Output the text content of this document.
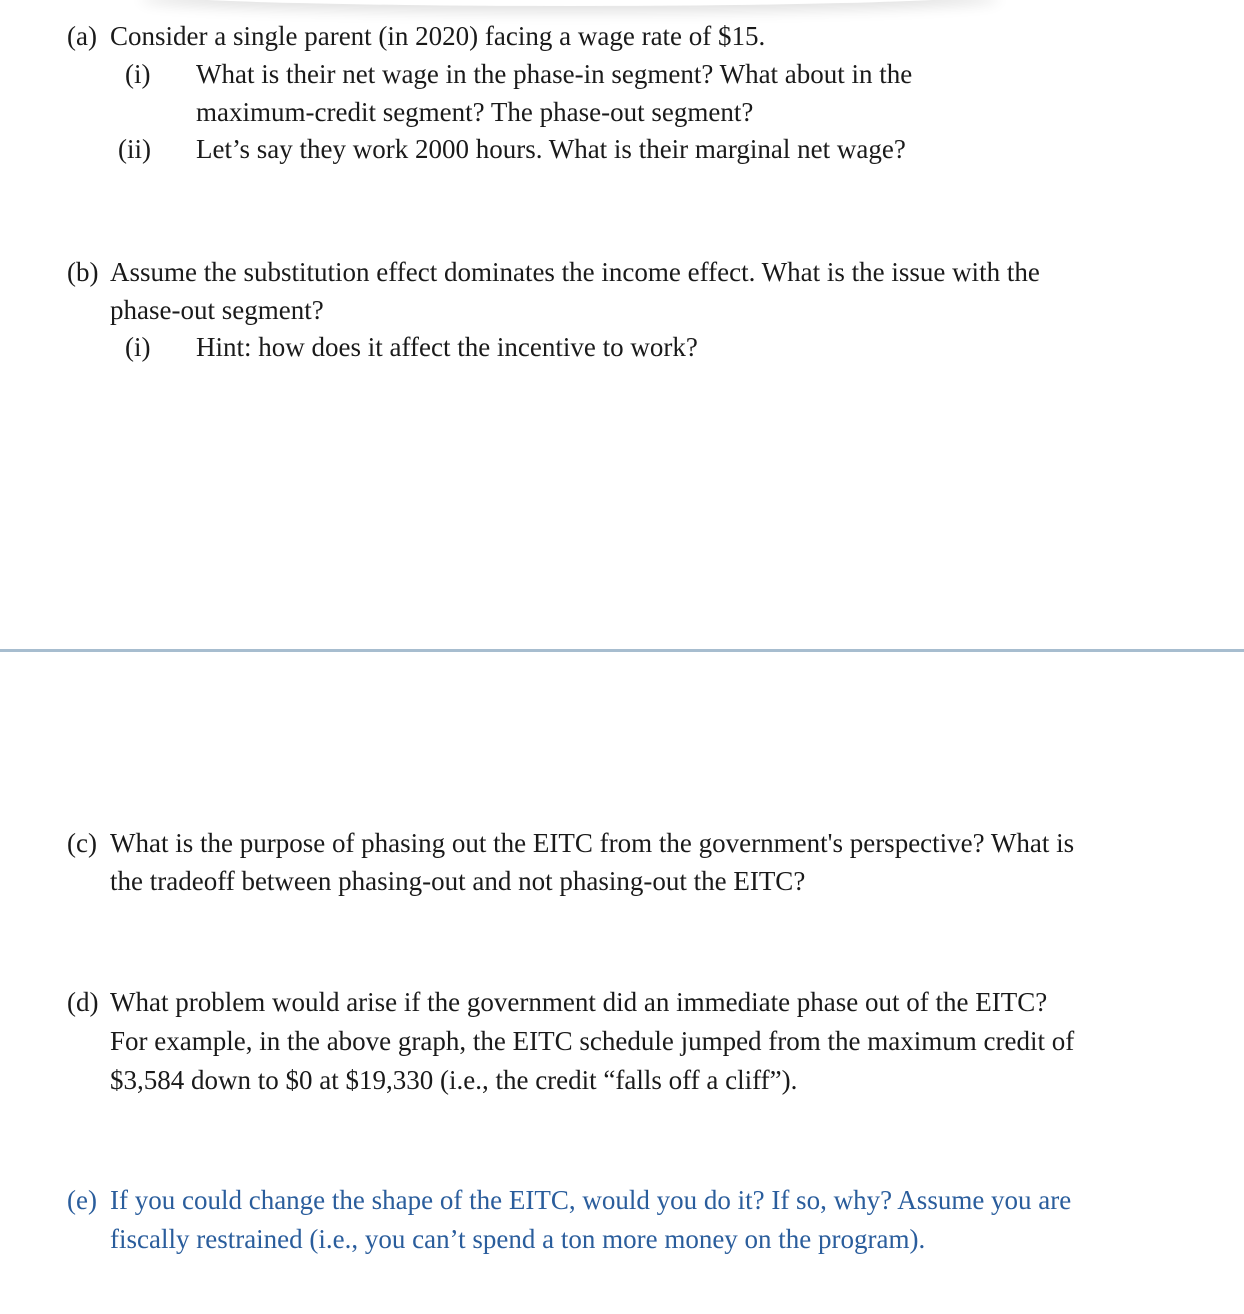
(a) Consider a single parent (in 2020) facing a wage rate of $15.
(i) What is their net wage in the phase-in segment? What about in the
maximum-credit segment? The phase-out segment?
(ii) Let’s say they work 2000 hours. What is their marginal net wage?
(b) Assume the substitution effect dominates the income effect. What is the issue with the
phase-out segment?
(i) Hint: how does it affect the incentive to work?
(c) What is the purpose of phasing out the EITC from the government's perspective? What is
the tradeoff between phasing-out and not phasing-out the EITC?
(d) What problem would arise if the government did an immediate phase out of the EITC?
For example, in the above graph, the EITC schedule jumped from the maximum credit of
$3,584 down to $0 at $19,330 (i.e., the credit “falls off a cliff”).
(e) If you could change the shape of the EITC, would you do it? If so, why? Assume you are
fiscally restrained (i.e., you can’t spend a ton more money on the program).
